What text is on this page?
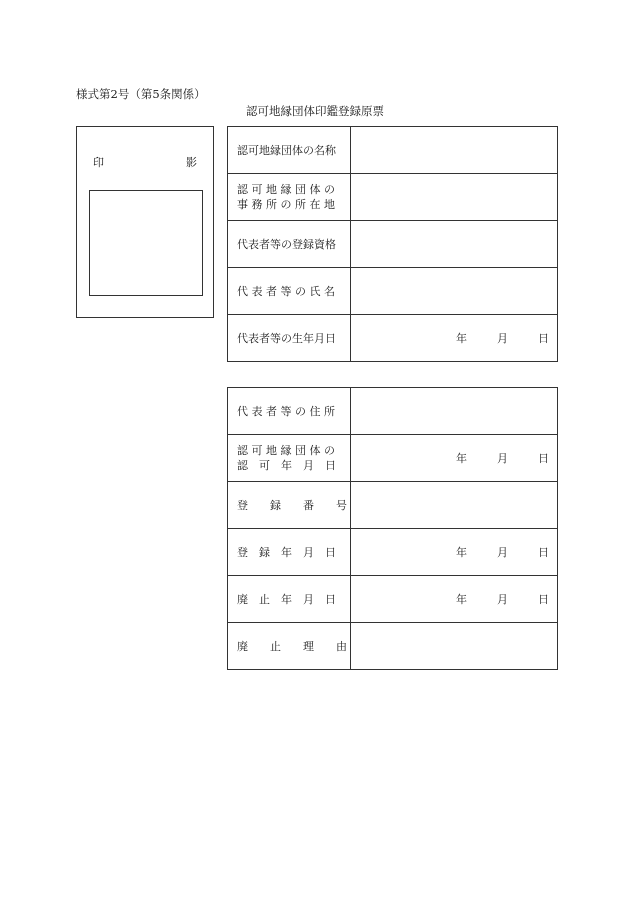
様式第2号（第5条関係）
認可地縁団体印鑑登録原票
印	影
認可地縁団体の名称	

認 可 地 縁 団 体 の
事 務 所 の 所 在 地	

代表者等の登録資格	

代 表 者 等 の 氏 名	

代表者等の生年月日	年 月 日
代 表 者 等 の 住 所	

認 可 地 縁 団 体 の
認　可　年　月　日	年 月 日

登　　録　　番　　号	

登　録　年　月　日	年 月 日

廃　止　年　月　日	年 月 日

廃　　止　　理　　由	
